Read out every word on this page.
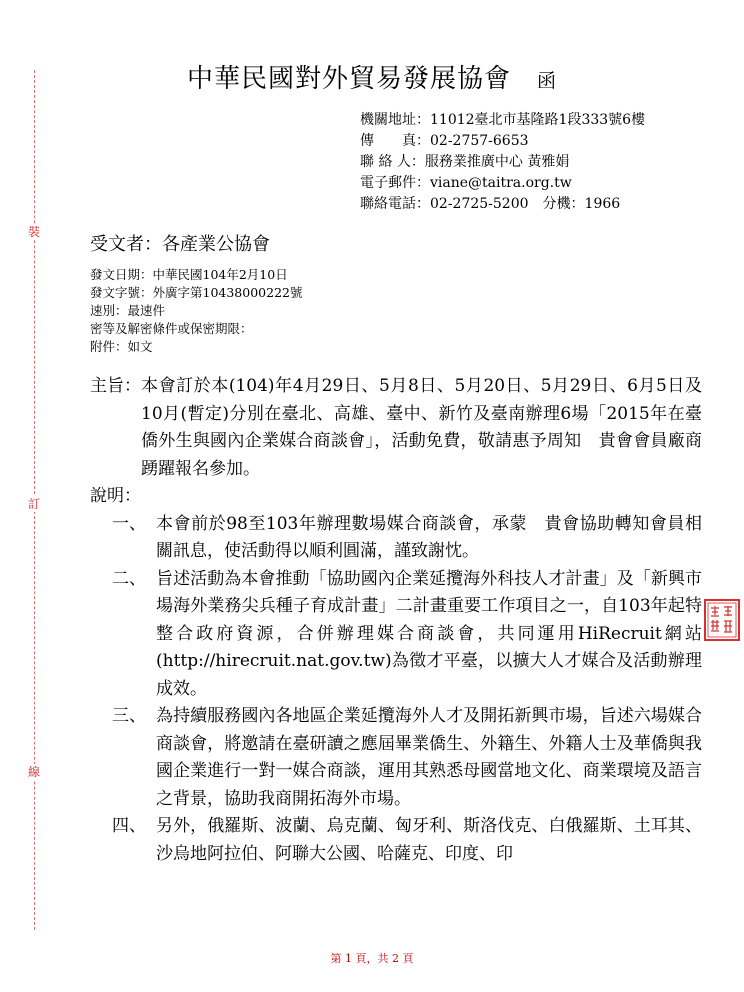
裝
訂
線
中華民國對外貿易發展協會 函
機關地址：11012臺北市基隆路1段333號6樓
傳　　真：02-2757-6653
聯 絡 人：服務業推廣中心 黃雅娟
電子郵件：viane@taitra.org.tw
聯絡電話：02-2725-5200　分機：1966
受文者：各產業公協會
發文日期：中華民國104年2月10日
發文字號：外廣字第10438000222號
速別：最速件
密等及解密條件或保密期限：
附件：如文
主旨： 本會訂於本(104)年4月29日、5月8日、5月20日、5月29日、6月5日及10月(暫定)分別在臺北、高雄、臺中、新竹及臺南辦理6場「2015年在臺僑外生與國內企業媒合商談會」，活動免費，敬請惠予周知　貴會會員廠商踴躍報名參加。
說明：
一、 本會前於98至103年辦理數場媒合商談會，承蒙　貴會協助轉知會員相關訊息，使活動得以順利圓滿，謹致謝忱。
二、 旨述活動為本會推動「協助國內企業延攬海外科技人才計畫」及「新興市場海外業務尖兵種子育成計畫」二計畫重要工作項目之一，自103年起特整合政府資源，合併辦理媒合商談會，共同運用HiRecruit網站(http://hirecruit.nat.gov.tw)為徵才平臺，以擴大人才媒合及活動辦理成效。
三、 為持續服務國內各地區企業延攬海外人才及開拓新興市場，旨述六場媒合商談會，將邀請在臺研讀之應屆畢業僑生、外籍生、外籍人士及華僑與我國企業進行一對一媒合商談，運用其熟悉母國當地文化、商業環境及語言之背景，協助我商開拓海外市場。
四、 另外，俄羅斯、波蘭、烏克蘭、匈牙利、斯洛伐克、白俄羅斯、土耳其、沙烏地阿拉伯、阿聯大公國、哈薩克、印度、印
第 1 頁，共 2 頁
